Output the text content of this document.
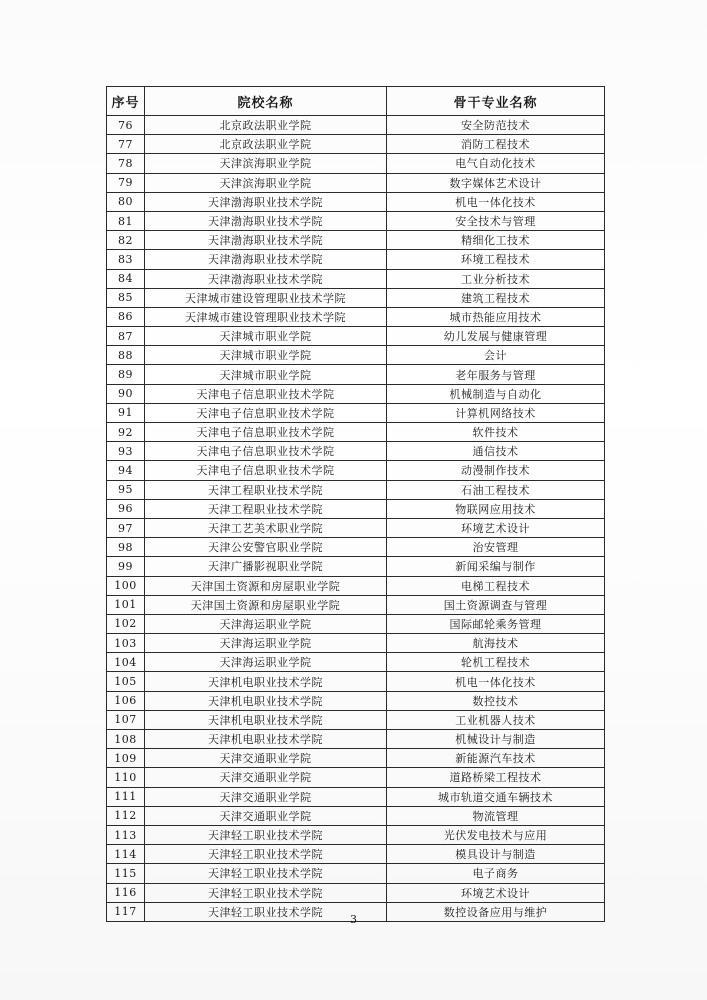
序号	院校名称	骨干专业名称
76	北京政法职业学院	安全防范技术
77	北京政法职业学院	消防工程技术
78	天津滨海职业学院	电气自动化技术
79	天津滨海职业学院	数字媒体艺术设计
80	天津渤海职业技术学院	机电一体化技术
81	天津渤海职业技术学院	安全技术与管理
82	天津渤海职业技术学院	精细化工技术
83	天津渤海职业技术学院	环境工程技术
84	天津渤海职业技术学院	工业分析技术
85	天津城市建设管理职业技术学院	建筑工程技术
86	天津城市建设管理职业技术学院	城市热能应用技术
87	天津城市职业学院	幼儿发展与健康管理
88	天津城市职业学院	会计
89	天津城市职业学院	老年服务与管理
90	天津电子信息职业技术学院	机械制造与自动化
91	天津电子信息职业技术学院	计算机网络技术
92	天津电子信息职业技术学院	软件技术
93	天津电子信息职业技术学院	通信技术
94	天津电子信息职业技术学院	动漫制作技术
95	天津工程职业技术学院	石油工程技术
96	天津工程职业技术学院	物联网应用技术
97	天津工艺美术职业学院	环境艺术设计
98	天津公安警官职业学院	治安管理
99	天津广播影视职业学院	新闻采编与制作
100	天津国土资源和房屋职业学院	电梯工程技术
101	天津国土资源和房屋职业学院	国土资源调查与管理
102	天津海运职业学院	国际邮轮乘务管理
103	天津海运职业学院	航海技术
104	天津海运职业学院	轮机工程技术
105	天津机电职业技术学院	机电一体化技术
106	天津机电职业技术学院	数控技术
107	天津机电职业技术学院	工业机器人技术
108	天津机电职业技术学院	机械设计与制造
109	天津交通职业学院	新能源汽车技术
110	天津交通职业学院	道路桥梁工程技术
111	天津交通职业学院	城市轨道交通车辆技术
112	天津交通职业学院	物流管理
113	天津轻工职业技术学院	光伏发电技术与应用
114	天津轻工职业技术学院	模具设计与制造
115	天津轻工职业技术学院	电子商务
116	天津轻工职业技术学院	环境艺术设计
117	天津轻工职业技术学院	数控设备应用与维护
3
